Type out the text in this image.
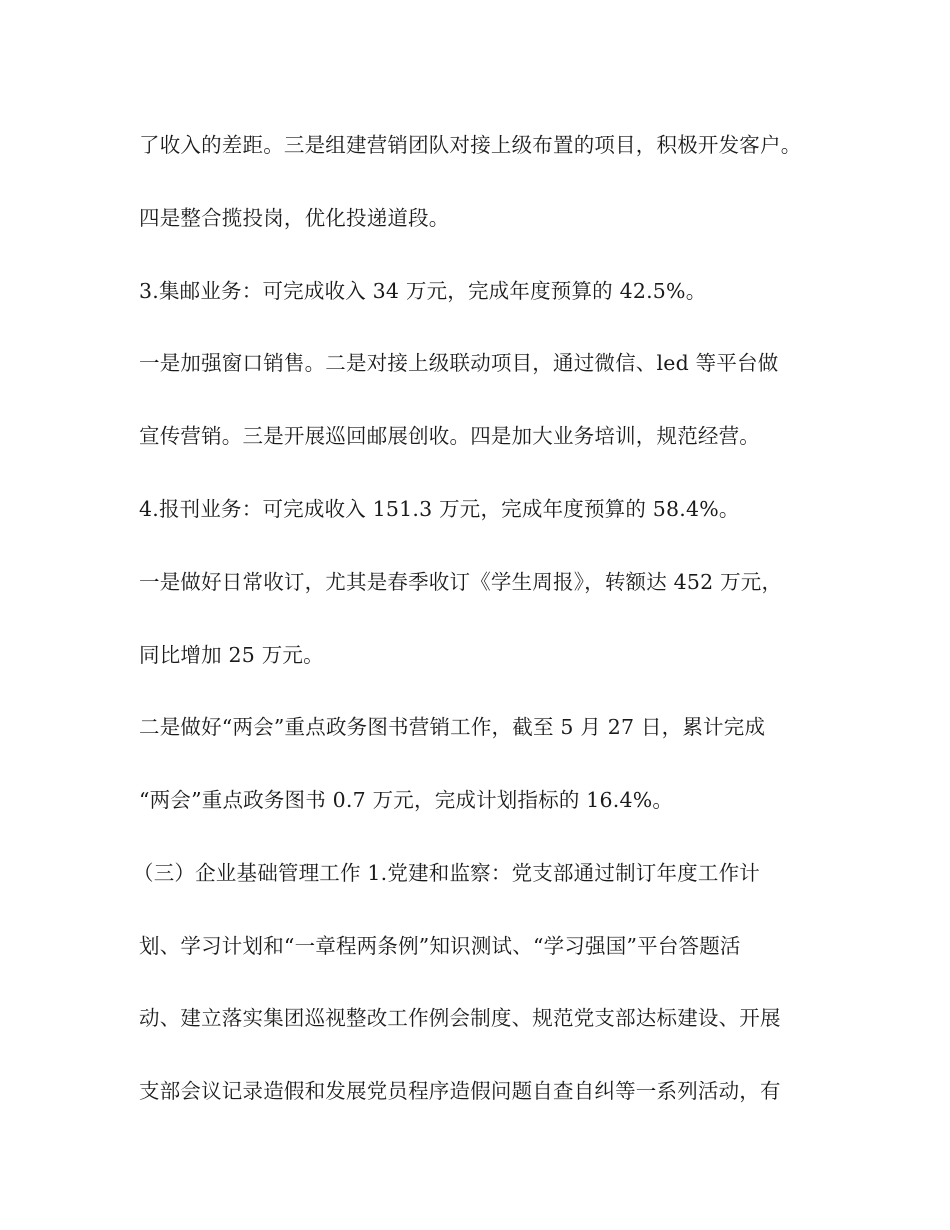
了收入的差距。三是组建营销团队对接上级布置的项目，积极开发客户。
四是整合揽投岗，优化投递道段。
3.集邮业务：可完成收入 34 万元，完成年度预算的 42.5%。
一是加强窗口销售。二是对接上级联动项目，通过微信、led 等平台做
宣传营销。三是开展巡回邮展创收。四是加大业务培训，规范经营。
4.报刊业务：可完成收入 151.3 万元，完成年度预算的 58.4%。
一是做好日常收订，尤其是春季收订《学生周报》，转额达 452 万元，
同比增加 25 万元。
二是做好“两会”重点政务图书营销工作，截至 5 月 27 日，累计完成
“两会”重点政务图书 0.7 万元，完成计划指标的 16.4%。
（三）企业基础管理工作 1.党建和监察：党支部通过制订年度工作计
划、学习计划和“一章程两条例”知识测试、“学习强国”平台答题活
动、建立落实集团巡视整改工作例会制度、规范党支部达标建设、开展
支部会议记录造假和发展党员程序造假问题自查自纠等一系列活动，有
